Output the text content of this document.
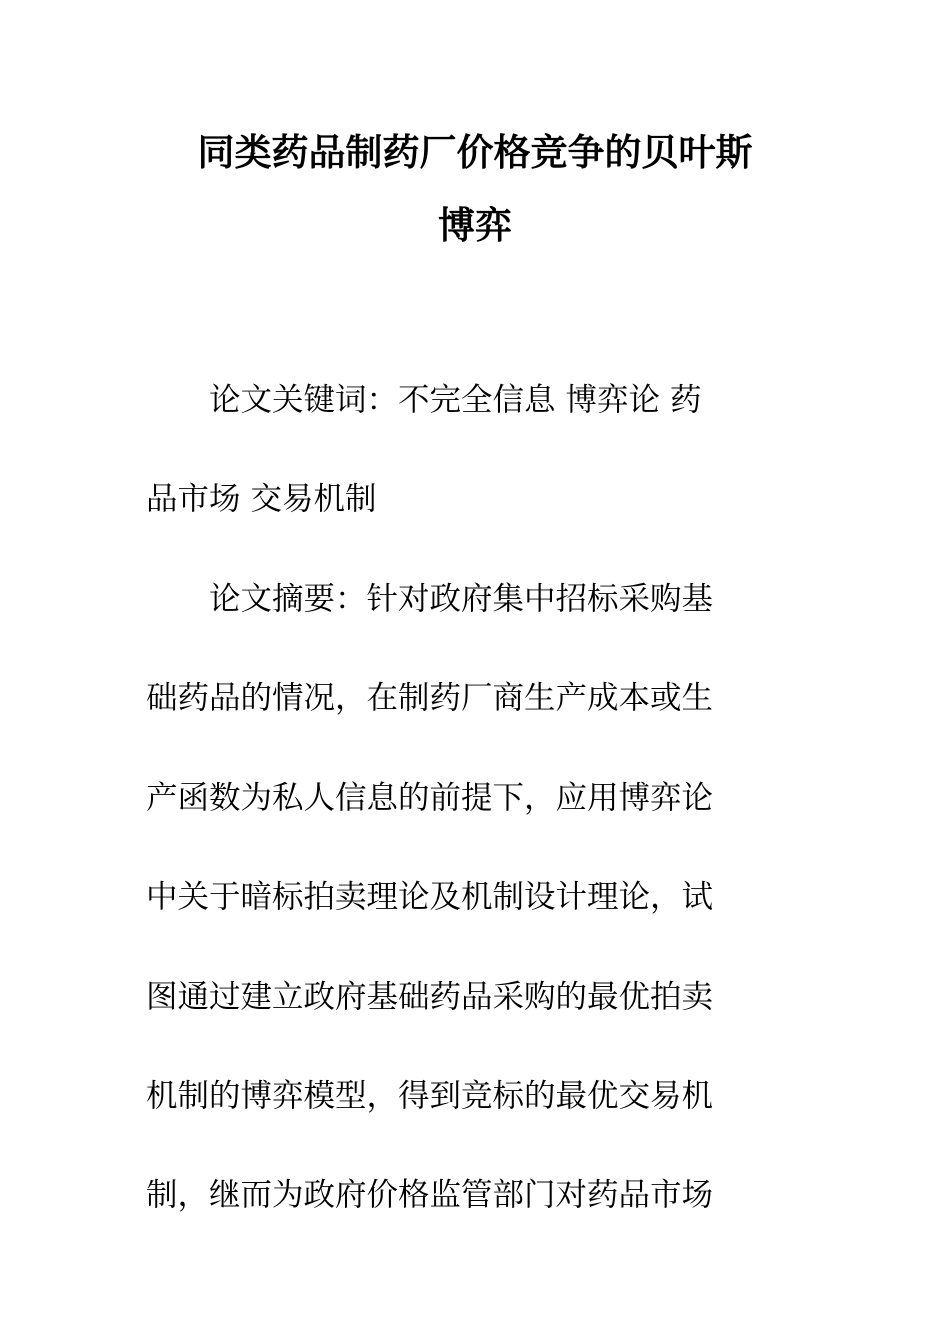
同类药品制药厂价格竞争的贝叶斯
博弈

　　论文关键词：不完全信息 博弈论 药

品市场 交易机制

　　论文摘要：针对政府集中招标采购基

础药品的情况，在制药厂商生产成本或生

产函数为私人信息的前提下，应用博弈论

中关于暗标拍卖理论及机制设计理论，试

图通过建立政府基础药品采购的最优拍卖

机制的博弈模型，得到竞标的最优交易机

制，继而为政府价格监管部门对药品市场
